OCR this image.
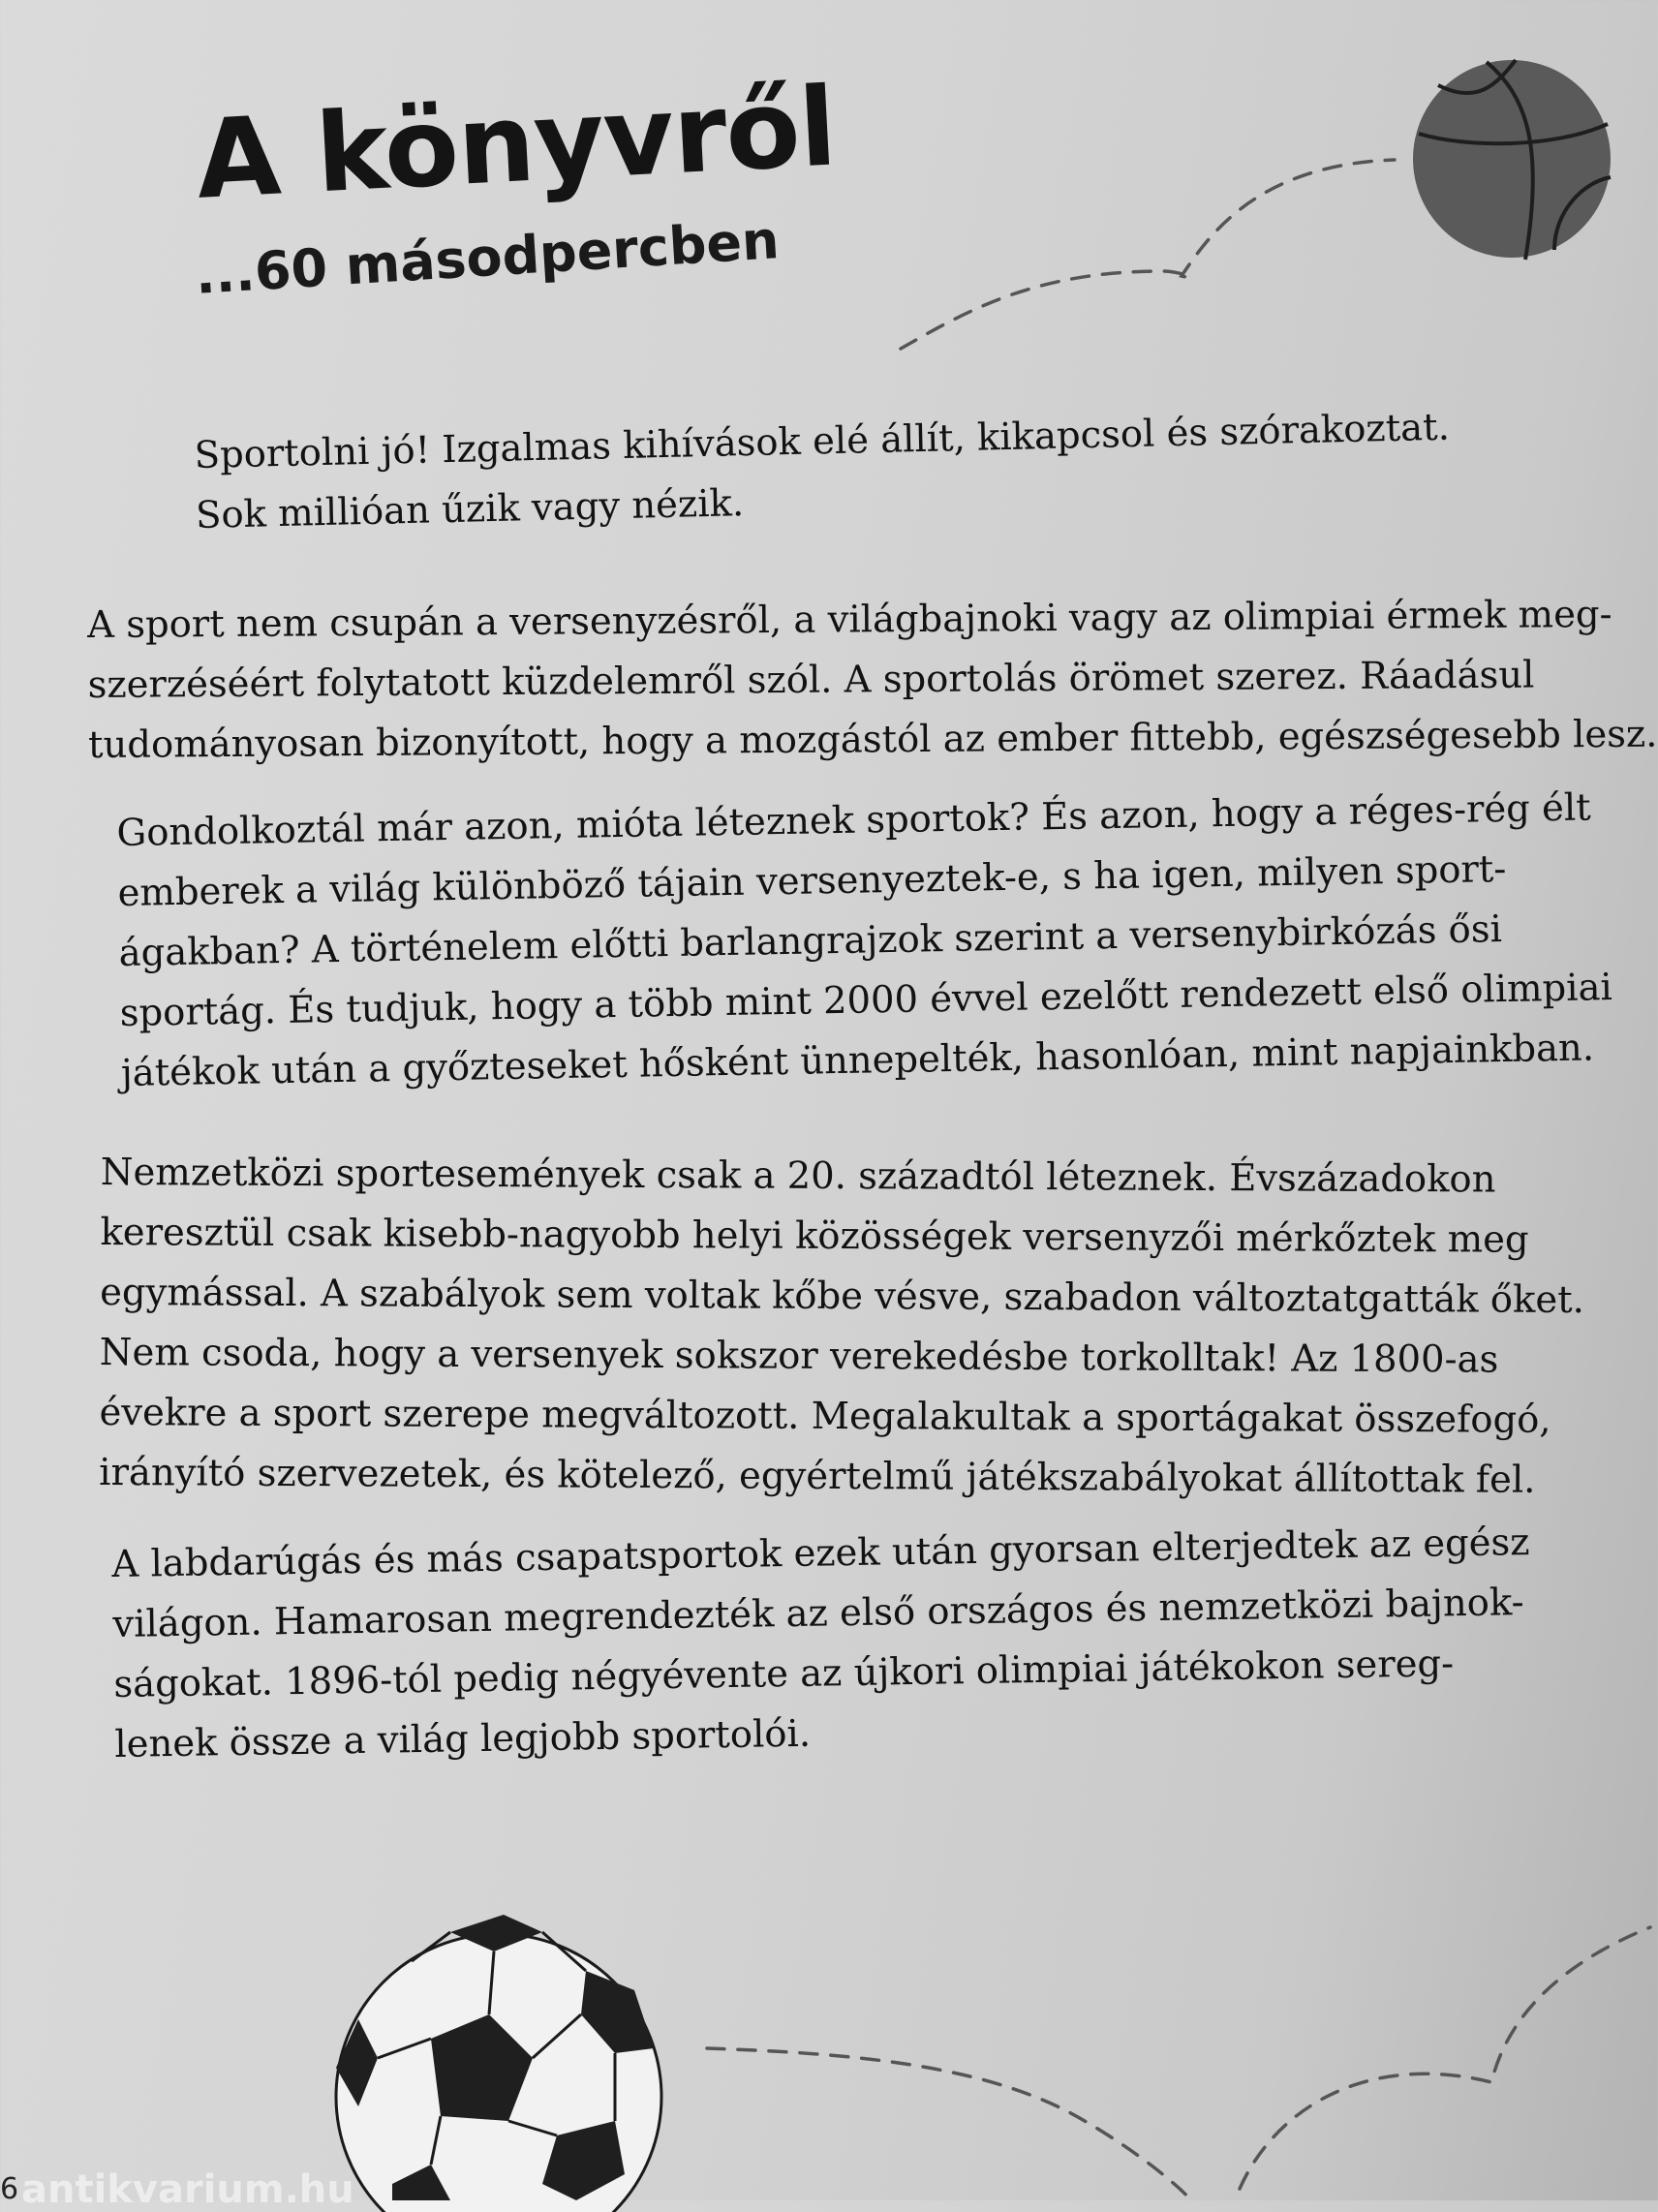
A könyvről
...60 másodpercben
Sportolni jó! Izgalmas kihívások elé állít, kikapcsol és szórakoztat.
Sok millióan űzik vagy nézik.
A sport nem csupán a versenyzésről, a világbajnoki vagy az olimpiai érmek meg-
szerzéséért folytatott küzdelemről szól. A sportolás örömet szerez. Ráadásul
tudományosan bizonyított, hogy a mozgástól az ember fittebb, egészségesebb lesz.
Gondolkoztál már azon, mióta léteznek sportok? És azon, hogy a réges-rég élt
emberek a világ különböző tájain versenyeztek-e, s ha igen, milyen sport-
ágakban? A történelem előtti barlangrajzok szerint a versenybirkózás ősi
sportág. És tudjuk, hogy a több mint 2000 évvel ezelőtt rendezett első olimpiai
játékok után a győzteseket hősként ünnepelték, hasonlóan, mint napjainkban.
Nemzetközi sportesemények csak a 20. századtól léteznek. Évszázadokon
keresztül csak kisebb-nagyobb helyi közösségek versenyzői mérkőztek meg
egymással. A szabályok sem voltak kőbe vésve, szabadon változtatgatták őket.
Nem csoda, hogy a versenyek sokszor verekedésbe torkolltak! Az 1800-as
évekre a sport szerepe megváltozott. Megalakultak a sportágakat összefogó,
irányító szervezetek, és kötelező, egyértelmű játékszabályokat állítottak fel.
A labdarúgás és más csapatsportok ezek után gyorsan elterjedtek az egész
világon. Hamarosan megrendezték az első országos és nemzetközi bajnok-
ságokat. 1896-tól pedig négyévente az újkori olimpiai játékokon sereg-
lenek össze a világ legjobb sportolói.
6 antikvarium.hu
